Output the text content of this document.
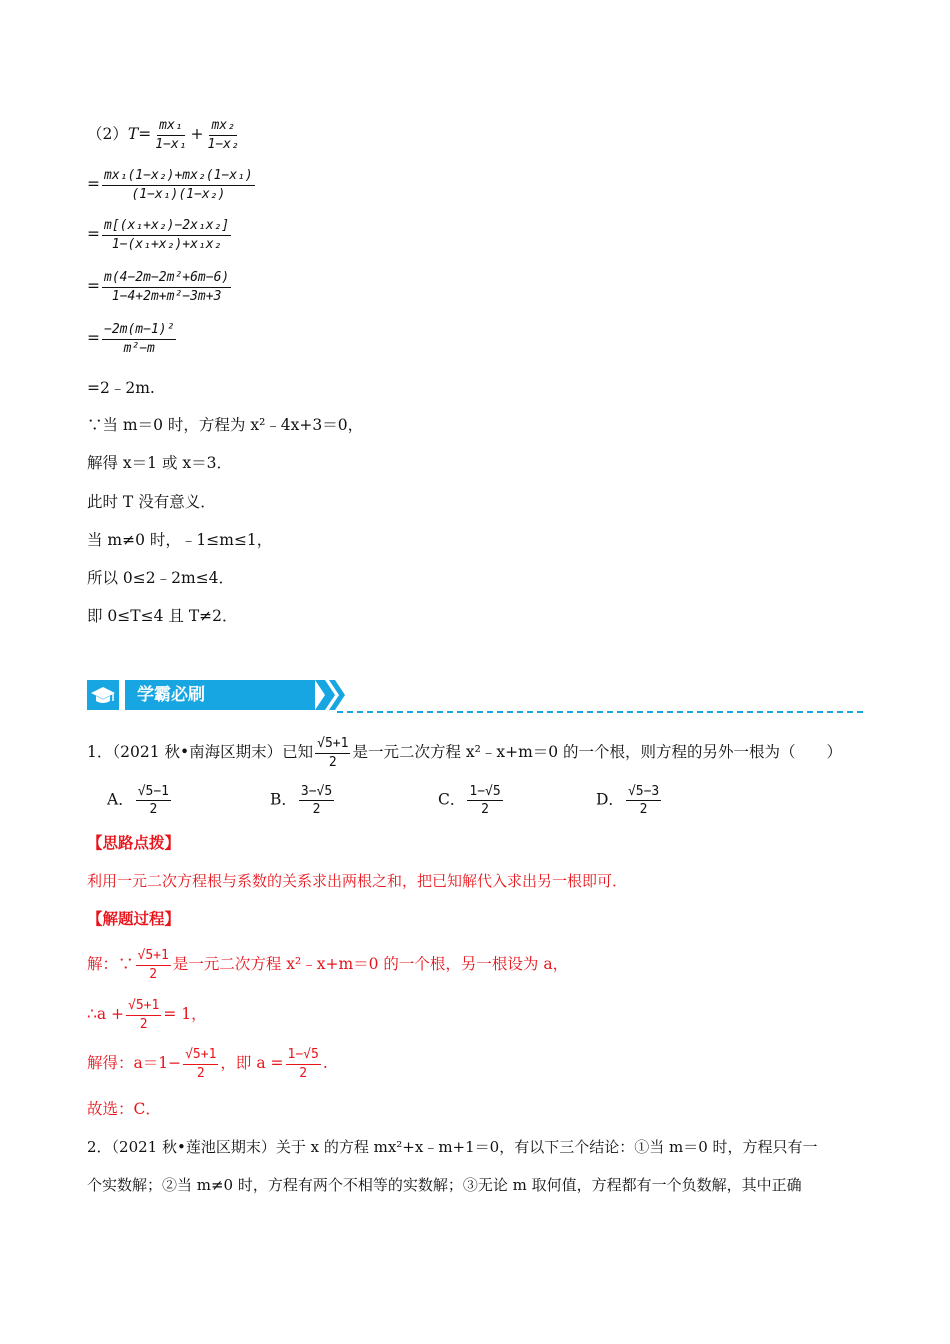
$(2)T= \frac{\text{mx₁}}{\text{1−x₁}} + \frac{\text{mx₂}}{\text{1−x₂}}$
= $\frac{\text{mx₁(1−x₂)+mx₂(1−x₁)}}{\text{(1−x₁)(1−x₂)}}$
= $\frac{\text{m[(x₁+x₂)−2x₁x₂]}}{\text{1−(x₁+x₂)+x₁x₂}}$
= $\frac{\text{m(4−2m−2m²+6m−6)}}{\text{1−4+2m+m²−3m+3}}$
= $\frac{\text{−2m(m−1)²}}{\text{m²−m}}$
=2﹣2m.
∵当 m＝0 时，方程为 x²﹣4x+3＝0，
解得 x＝1 或 x＝3．
此时 T 没有意义．
当 m≠0 时，﹣1≤m≤1，
所以 0≤2﹣2m≤4．
即 0≤T≤4 且 T≠2．
学霸必刷
1．（2021 秋•南海区期末）已知 $\frac{√5+1}{2}$ 是一元二次方程 x²﹣x+m＝0 的一个根，则方程的另外一根为（　　）
A． $\frac{√5-1}{2}$	B． $\frac{3-√5}{2}$	C． $\frac{1-√5}{2}$	D． $\frac{√5-3}{2}$
【思路点拨】
利用一元二次方程根与系数的关系求出两根之和，把已知解代入求出另一根即可．
【解题过程】
解：∵ $\frac{√5+1}{2}$ 是一元二次方程 x²﹣x+m＝0 的一个根，另一根设为 a，
∴a + $\frac{√5+1}{2} = 1$，
解得：$a=1- \frac{√5+1}{2}$ ，即 $a = \frac{1-√5}{2}$ .
故选：C．
2．（2021 秋•莲池区期末）关于 x 的方程 mx²+x﹣m+1＝0，有以下三个结论：①当 m＝0 时，方程只有一
个实数解；②当 m≠0 时，方程有两个不相等的实数解；③无论 m 取何值，方程都有一个负数解，其中正确
